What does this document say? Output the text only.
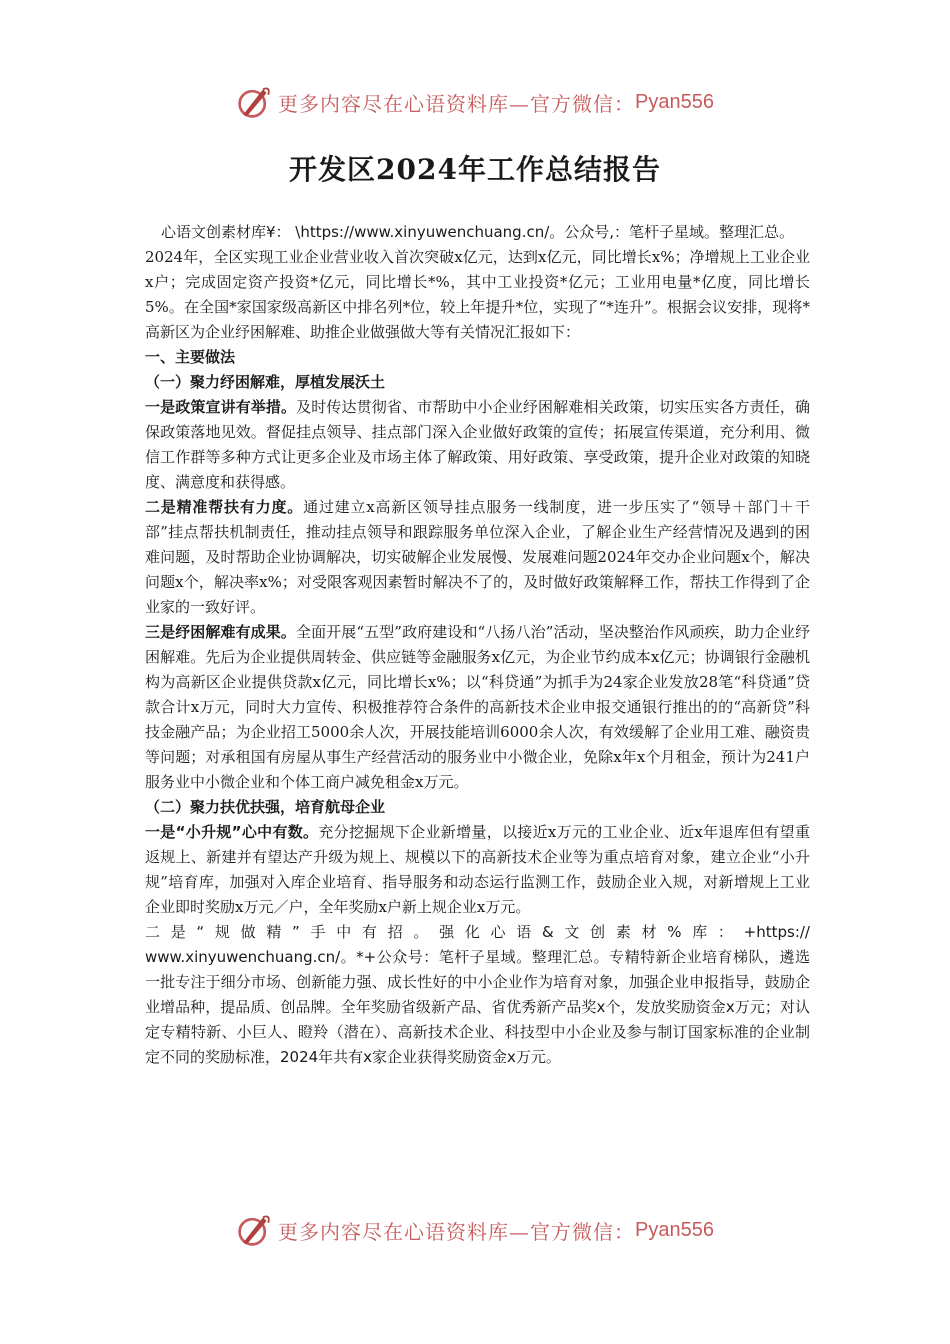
更多内容尽在心语资料库—官方微信： Pyan556
开发区2024年工作总结报告

心语文创素材库¥： \https://www.xinyuwenchuang.cn/。公众号,：笔杆子星域。整理汇总。

2024年，全区实现工业企业营业收入首次突破x亿元，达到x亿元，同比增长x%；净增规上工业企业x户；完成固定资产投资*亿元，同比增长*%，其中工业投资*亿元；工业用电量*亿度，同比增长5%。在全国*家国家级高新区中排名列*位，较上年提升*位，实现了“*连升”。根据会议安排，现将*高新区为企业纾困解难、助推企业做强做大等有关情况汇报如下：

一、主要做法

（一）聚力纾困解难，厚植发展沃土

一是政策宣讲有举措。及时传达贯彻省、市帮助中小企业纾困解难相关政策，切实压实各方责任，确保政策落地见效。督促挂点领导、挂点部门深入企业做好政策的宣传；拓展宣传渠道，充分利用、微信工作群等多种方式让更多企业及市场主体了解政策、用好政策、享受政策，提升企业对政策的知晓度、满意度和获得感。

二是精准帮扶有力度。通过建立x高新区领导挂点服务一线制度，进一步压实了“领导＋部门＋干部”挂点帮扶机制责任，推动挂点领导和跟踪服务单位深入企业，了解企业生产经营情况及遇到的困难问题，及时帮助企业协调解决，切实破解企业发展慢、发展难问题2024年交办企业问题x个，解决问题x个，解决率x%；对受限客观因素暂时解决不了的，及时做好政策解释工作，帮扶工作得到了企业家的一致好评。

三是纾困解难有成果。全面开展“五型”政府建设和“八扬八治”活动，坚决整治作风顽疾，助力企业纾困解难。先后为企业提供周转金、供应链等金融服务x亿元，为企业节约成本x亿元；协调银行金融机构为高新区企业提供贷款x亿元，同比增长x%；以“科贷通”为抓手为24家企业发放28笔“科贷通”贷款合计x万元，同时大力宣传、积极推荐符合条件的高新技术企业申报交通银行推出的的“高新贷”科技金融产品；为企业招工5000余人次，开展技能培训6000余人次，有效缓解了企业用工难、融资贵等问题；对承租国有房屋从事生产经营活动的服务业中小微企业，免除x年x个月租金，预计为241户服务业中小微企业和个体工商户减免租金x万元。

（二）聚力扶优扶强，培育航母企业

一是“小升规”心中有数。充分挖掘规下企业新增量，以接近x万元的工业企业、近x年退库但有望重返规上、新建并有望达产升级为规上、规模以下的高新技术企业等为重点培育对象，建立企业“小升规”培育库，加强对入库企业培育、指导服务和动态运行监测工作，鼓励企业入规，对新增规上工业企业即时奖励x万元／户，全年奖励x户新上规企业x万元。

二是“规做精”手中有招。强化心语&文创素材%库：+https://

www.xinyuwenchuang.cn/。*+公众号：笔杆子星域。整理汇总。专精特新企业培育梯队，遴选一批专注于细分市场、创新能力强、成长性好的中小企业作为培育对象，加强企业申报指导，鼓励企业增品种，提品质、创品牌。全年奖励省级新产品、省优秀新产品奖x个，发放奖励资金x万元；对认定专精特新、小巨人、瞪羚（潜在）、高新技术企业、科技型中小企业及参与制订国家标准的企业制定不同的奖励标准，2024年共有x家企业获得奖励资金x万元。

更多内容尽在心语资料库—官方微信： Pyan556
